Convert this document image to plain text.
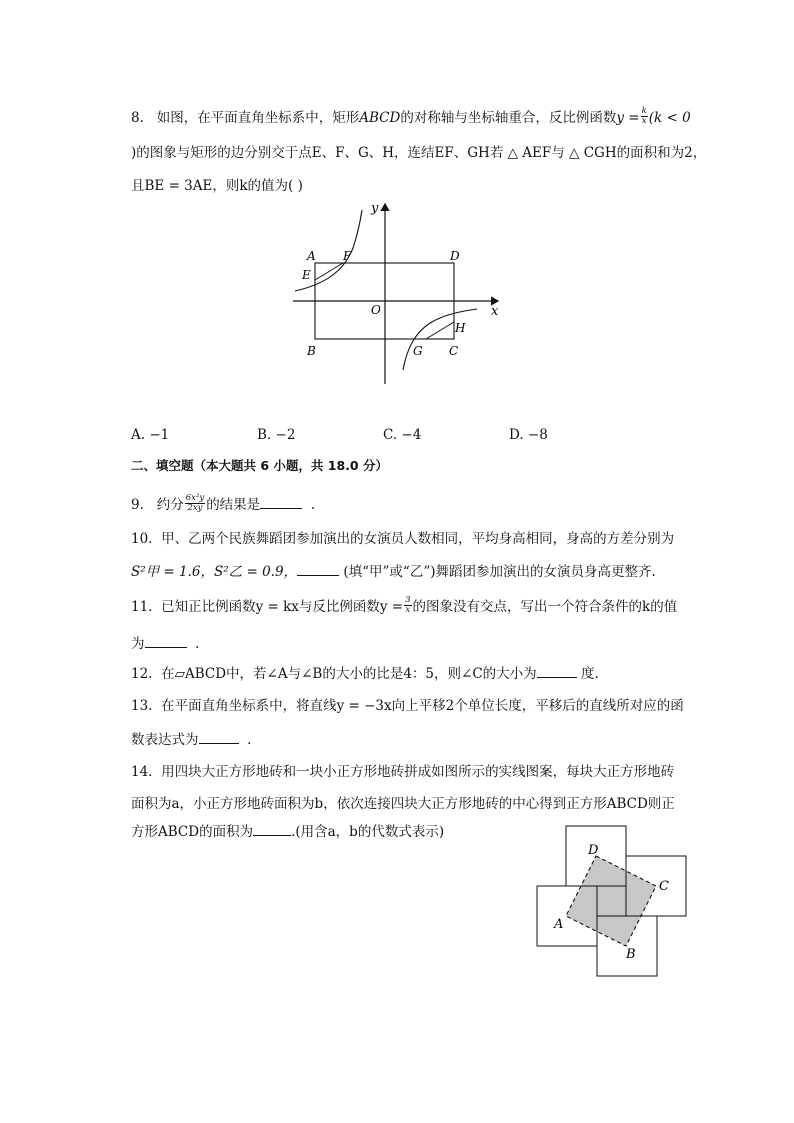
8. 如图，在平面直角坐标系中，矩形ABCD的对称轴与坐标轴重合，反比例函数$y = \frac{k}{x} (k < 0$
)的图象与矩形的边分别交于点E、F、G、H，连结EF、GH若 △ AEF与 △ CGH的面积和为2，
且BE = 3AE，则k的值为( )
y
x
O
A
B	C
D
E
F
G
H
A. −1	B. −2	C. −4	D. −8
二、填空题（本大题共 6 小题，共 18.0 分）
9. 约分 $\frac{\text{6x²y}}{2xy}$ 的结果是	.
10. 甲、乙两个民族舞蹈团参加演出的女演员人数相同，平均身高相同，身高的方差分别为
S²甲 = 1.6，S²乙 = 0.9，	(填“甲”或“乙”)舞蹈团参加演出的女演员身高更整齐.
11. 已知正比例函数y = kx与反比例函数$y = \frac{3}{x}$ 的图象没有交点，写出一个符合条件的k的值
为	.
12. 在▱ABCD中，若∠A与∠B的大小的比是4：5，则∠C的大小为	度.
13. 在平面直角坐标系中，将直线y = −3x向上平移2个单位长度，平移后的直线所对应的函
数表达式为	.
14. 用四块大正方形地砖和一块小正方形地砖拼成如图所示的实线图案，每块大正方形地砖
面积为a，小正方形地砖面积为b，依次连接四块大正方形地砖的中心得到正方形ABCD则正
方形ABCD的面积为	.(用含a，b的代数式表示)
D
C
A
B
